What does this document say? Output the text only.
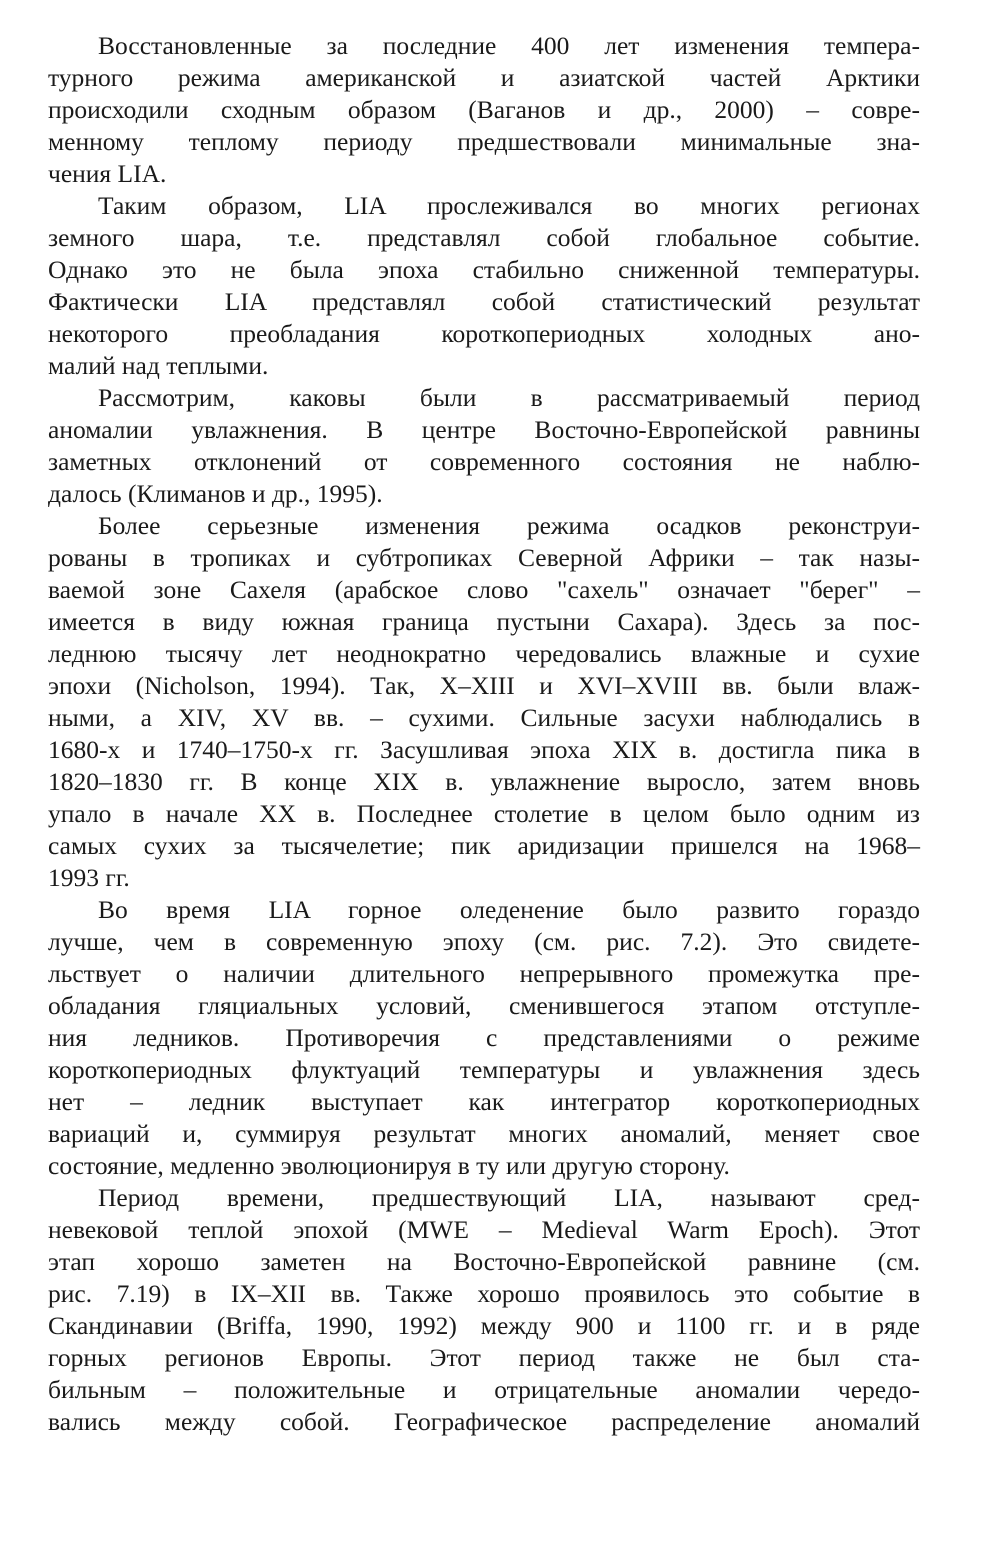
Восстановленные за последние 400 лет изменения темпера-
турного режима американской и азиатской частей Арктики
происходили сходным образом (Ваганов и др., 2000) – совре-
менному теплому периоду предшествовали минимальные зна-
чения LIA.
Таким образом, LIA прослеживался во многих регионах
земного шара, т.е. представлял собой глобальное событие.
Однако это не была эпоха стабильно сниженной температуры.
Фактически LIA представлял собой статистический результат
некоторого преобладания короткопериодных холодных ано-
малий над теплыми.
Рассмотрим, каковы были в рассматриваемый период
аномалии увлажнения. В центре Восточно-Европейской равнины
заметных отклонений от современного состояния не наблю-
далось (Климанов и др., 1995).
Более серьезные изменения режима осадков реконструи-
рованы в тропиках и субтропиках Северной Африки – так назы-
ваемой зоне Сахеля (арабское слово "сахель" означает "берег" –
имеется в виду южная граница пустыни Сахара). Здесь за пос-
леднюю тысячу лет неоднократно чередовались влажные и сухие
эпохи (Nicholson, 1994). Так, X–XIII и XVI–XVIII вв. были влаж-
ными, а XIV, XV вв. – сухими. Сильные засухи наблюдались в
1680-х и 1740–1750-х гг. Засушливая эпоха XIX в. достигла пика в
1820–1830 гг. В конце XIX в. увлажнение выросло, затем вновь
упало в начале XX в. Последнее столетие в целом было одним из
самых сухих за тысячелетие; пик аридизации пришелся на 1968–
1993 гг.
Во время LIA горное оледенение было развито гораздо
лучше, чем в современную эпоху (см. рис. 7.2). Это свидете-
льствует о наличии длительного непрерывного промежутка пре-
обладания гляциальных условий, сменившегося этапом отступле-
ния ледников. Противоречия с представлениями о режиме
короткопериодных флуктуаций температуры и увлажнения здесь
нет – ледник выступает как интегратор короткопериодных
вариаций и, суммируя результат многих аномалий, меняет свое
состояние, медленно эволюционируя в ту или другую сторону.
Период времени, предшествующий LIA, называют сред-
невековой теплой эпохой (MWE – Medieval Warm Epoch). Этот
этап хорошо заметен на Восточно-Европейской равнине (см.
рис. 7.19) в IX–XII вв. Также хорошо проявилось это событие в
Скандинавии (Briffa, 1990, 1992) между 900 и 1100 гг. и в ряде
горных регионов Европы. Этот период также не был ста-
бильным – положительные и отрицательные аномалии чередо-
вались между собой. Географическое распределение аномалий
